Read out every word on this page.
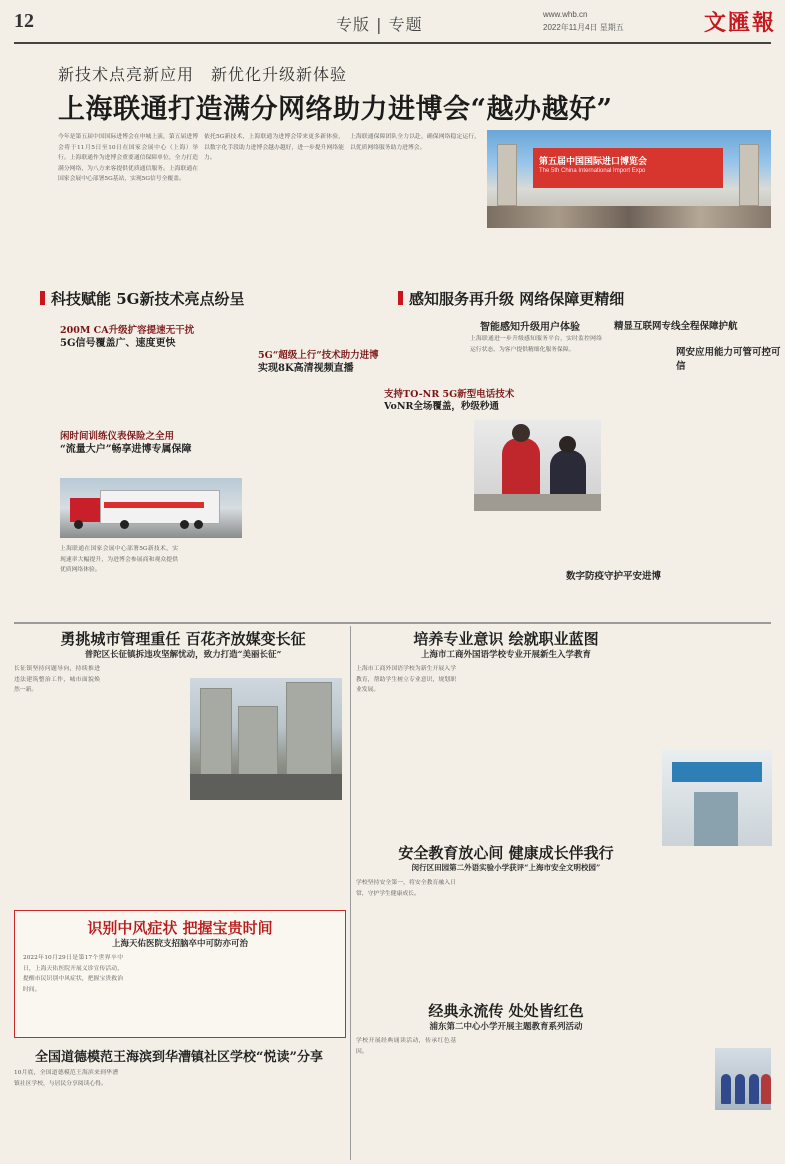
12	专版 | 专题
www.whb.cn
2022年11月4日 星期五	文匯報
新技术点亮新应用　新优化升级新体验
上海联通打造满分网络助力进博会“越办越好”
今年是第五届中国国际进博会在申城上演，第五届进博会将于11月5日至10日在国家会展中心（上海）举行。上海联通作为进博会重要通信保障单位，全力打造满分网络，为八方来客提供优质通信服务。上海联通在国家会展中心部署5G基站，实现5G信号全覆盖。
依托5G新技术，上海联通为进博会带来更多新体验，以数字化手段助力进博会越办越好，进一步提升网络能力。
上海联通保障团队全力以赴，确保网络稳定运行，以优质网络服务助力进博会。
第五届中国国际进口博览会
The 5th China International Import Expo
科技赋能 5G新技术亮点纷呈
200M CA升级扩容提速无干扰
5G信号覆盖广、速度更快
闲时间训练仪表保险之全用
“流量大户”畅享进博专属保障
上海联通在国家会展中心部署5G新技术，实现速率大幅提升，为进博会参展商和观众提供优质网络体验。
5G“超级上行”技术助力进博
实现8K高清视频直播
支持TO-NR 5G新型电话技术
VoNR全场覆盖，秒级秒通
感知服务再升级 网络保障更精细
智能感知升级用户体验
上海联通进一步升级感知服务平台，实时监控网络运行状态，为客户提供精细化服务保障。
精显互联网专线全程保障护航
数字防疫守护平安进博
网安应用能力可管可控可信
勇挑城市管理重任 百花齐放媒变长征
普陀区长征镇拆违攻坚解忧动，致力打造“美丽长征”
长征镇坚持问题导向，持续推进违法建筑整治工作，城市面貌焕然一新。
识别中风症状 把握宝贵时间
上海天佑医院支招脑卒中可防亦可治
2022年10月29日是第17个世界卒中日，上海天佑医院开展义诊宣传活动，提醒市民识别中风症状，把握宝贵救治时间。
全国道德模范王海滨到华漕镇社区学校“悦读”分享
10月底，全国道德模范王海滨来到华漕镇社区学校，与居民分享阅读心得。
培养专业意识 绘就职业蓝图
上海市工商外国语学校专业开展新生入学教育
上海市工商外国语学校为新生开展入学教育，帮助学生树立专业意识，规划职业发展。
安全教育放心间 健康成长伴我行
闵行区田园第二外语实验小学获评“上海市安全文明校园”
学校坚持安全第一，将安全教育融入日常，守护学生健康成长。
经典永流传 处处皆红色
浦东第二中心小学开展主题教育系列活动
学校开展经典诵读活动，传承红色基因。
